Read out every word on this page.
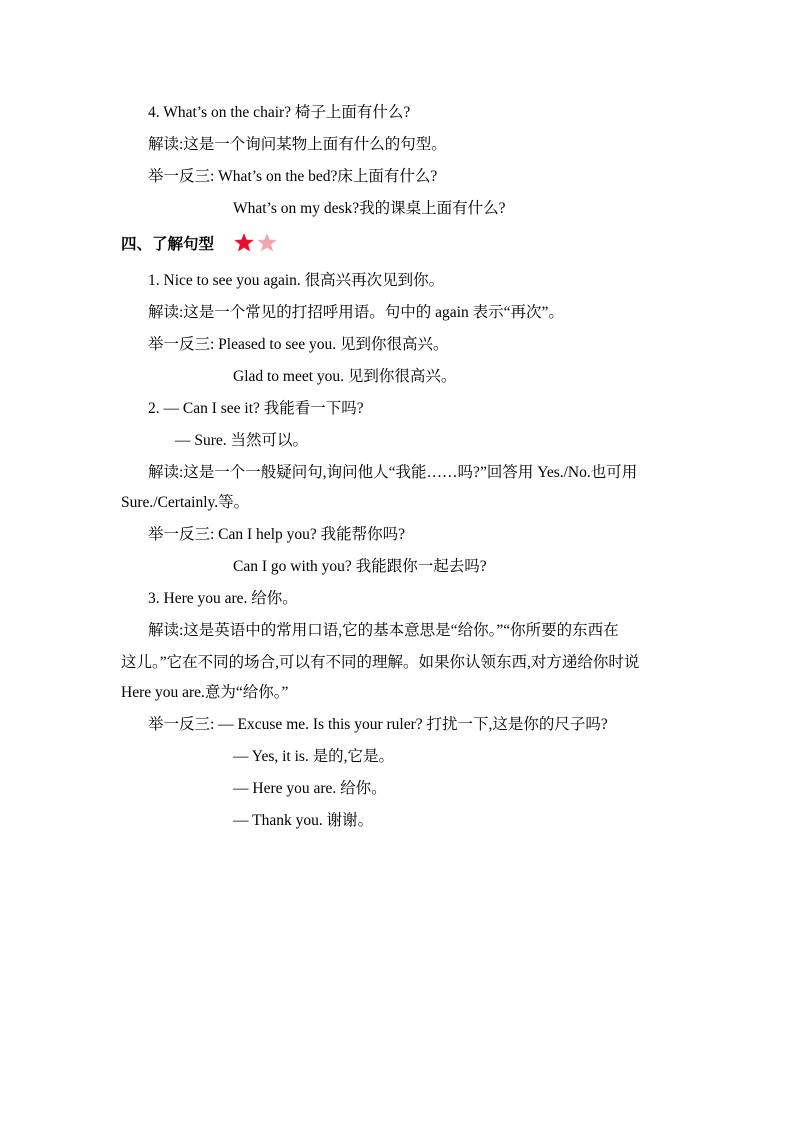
4. What’s on the chair? 椅子上面有什么?
解读:这是一个询问某物上面有什么的句型。
举一反三: What’s on the bed?床上面有什么?
What’s on my desk?我的课桌上面有什么?
四、了解句型
1. Nice to see you again. 很高兴再次见到你。
解读:这是一个常见的打招呼用语。句中的 again 表示“再次”。
举一反三: Pleased to see you. 见到你很高兴。
Glad to meet you. 见到你很高兴。
2. — Can I see it? 我能看一下吗?
— Sure. 当然可以。
解读:这是一个一般疑问句,询问他人“我能……吗?”回答用 Yes./No.也可用
Sure./Certainly.等。
举一反三: Can I help you? 我能帮你吗?
Can I go with you? 我能跟你一起去吗?
3. Here you are. 给你。
解读:这是英语中的常用口语,它的基本意思是“给你。”“你所要的东西在
这儿。”它在不同的场合,可以有不同的理解。如果你认领东西,对方递给你时说
Here you are.意为“给你。”
举一反三: — Excuse me. Is this your ruler? 打扰一下,这是你的尺子吗?
— Yes, it is. 是的,它是。
— Here you are. 给你。
— Thank you. 谢谢。
